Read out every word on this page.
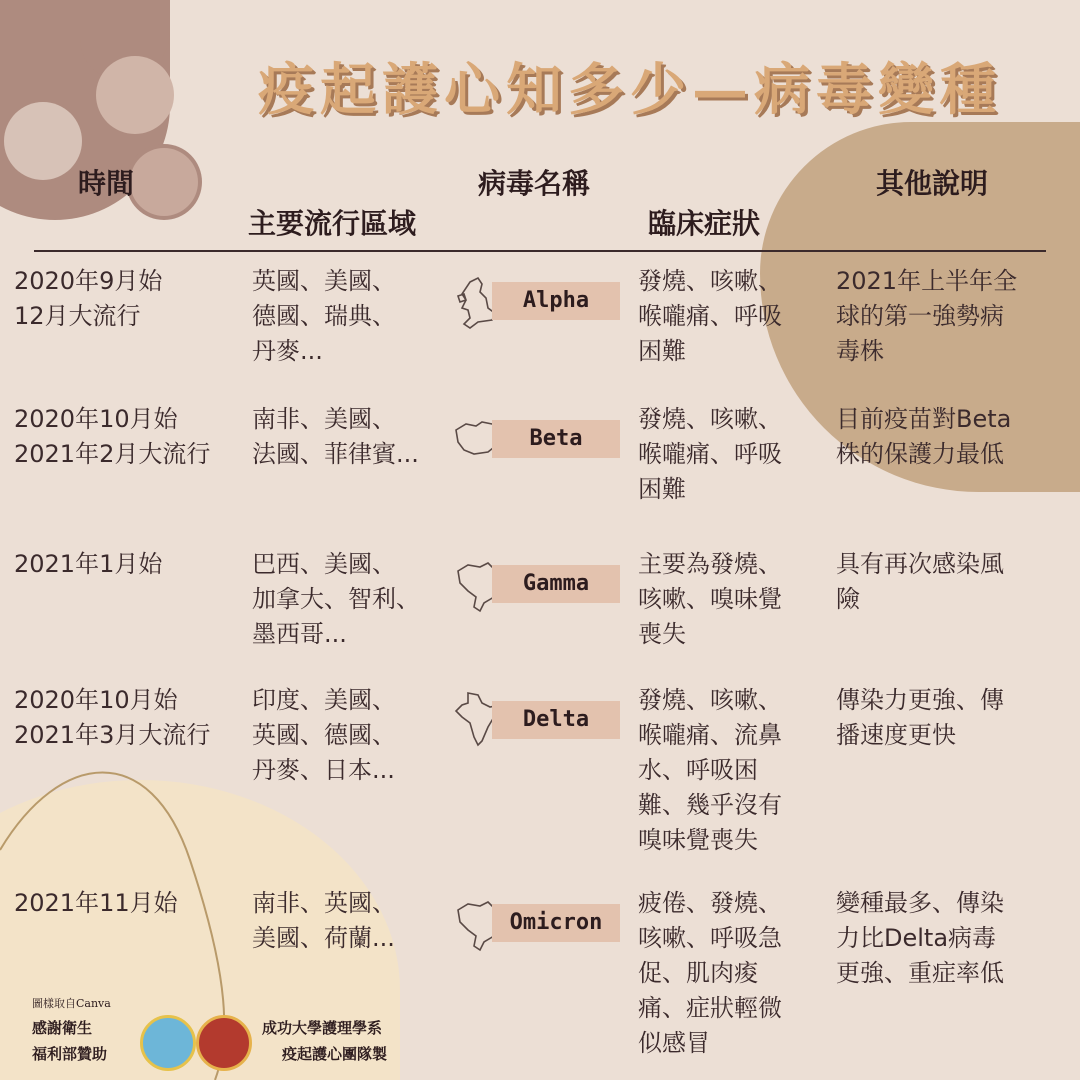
疫起護心知多少—病毒變種
時間
主要流行區域
病毒名稱
臨床症狀
其他說明
2020年9月始
12月大流行
英國、美國、
德國、瑞典、
丹麥...
Alpha
發燒、咳嗽、
喉嚨痛、呼吸
困難
2021年上半年全
球的第一強勢病
毒株
2020年10月始
2021年2月大流行
南非、美國、
法國、菲律賓...
Beta
發燒、咳嗽、
喉嚨痛、呼吸
困難
目前疫苗對Beta
株的保護力最低
2021年1月始	巴西、美國、
加拿大、智利、
墨西哥...
Gamma
主要為發燒、
咳嗽、嗅味覺
喪失
具有再次感染風
險
2020年10月始
2021年3月大流行
印度、美國、
英國、德國、
丹麥、日本...
Delta
發燒、咳嗽、
喉嚨痛、流鼻
水、呼吸困
難、幾乎沒有
嗅味覺喪失
傳染力更強、傳
播速度更快
2021年11月始	南非、英國、
美國、荷蘭...
Omicron
疲倦、發燒、
咳嗽、呼吸急
促、肌肉痠
痛、症狀輕微
似感冒
變種最多、傳染
力比Delta病毒
更強、重症率低
圖樣取自Canva
感謝衛生
福利部贊助
成功大學護理學系
疫起護心團隊製
